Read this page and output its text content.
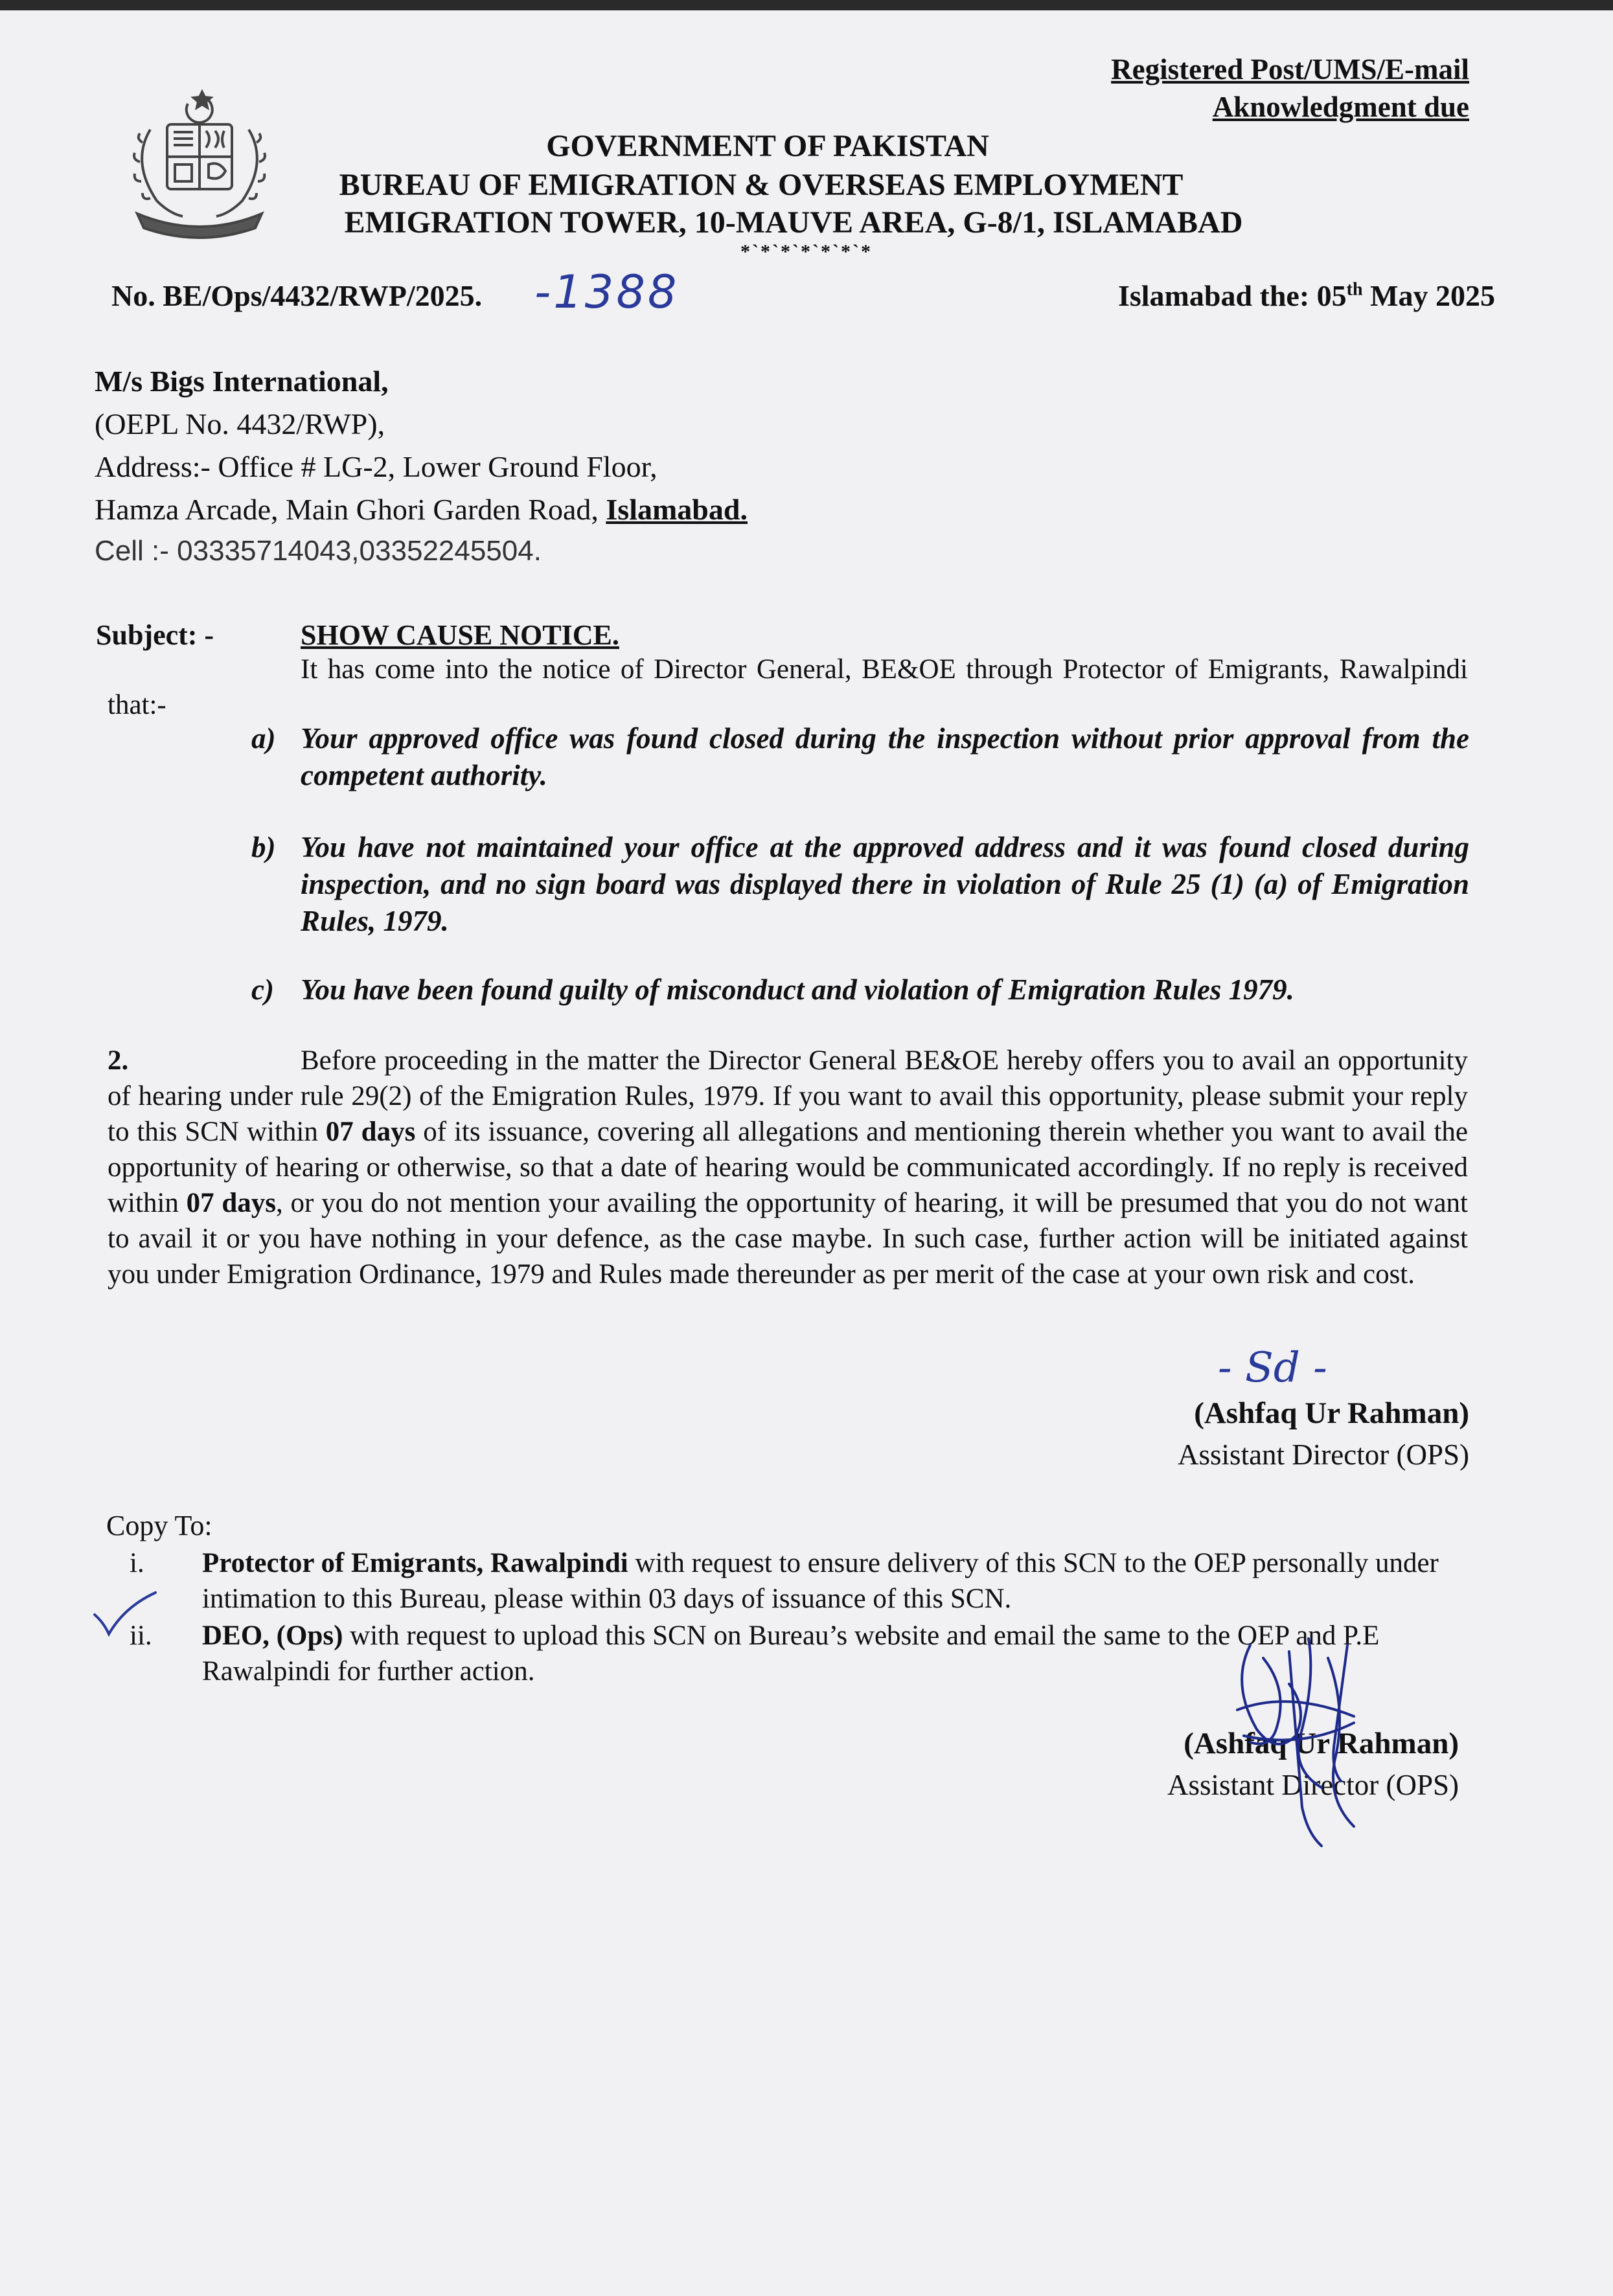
Registered Post/UMS/E-mail
Aknowledgment due
GOVERNMENT OF PAKISTAN
BUREAU OF EMIGRATION & OVERSEAS EMPLOYMENT
EMIGRATION TOWER, 10-MAUVE AREA, G-8/1, ISLAMABAD
*`*`*`*`*`*`*
No. BE/Ops/4432/RWP/2025. -1388	Islamabad the: 05th May 2025
M/s Bigs International,
(OEPL No. 4432/RWP),
Address:- Office # LG-2, Lower Ground Floor,
Hamza Arcade, Main Ghori Garden Road, Islamabad.
Cell :- 03335714043,03352245504.
Subject: -	SHOW CAUSE NOTICE.
It has come into the notice of Director General, BE&OE through Protector of Emigrants, Rawalpindi that:-
a) Your approved office was found closed during the inspection without prior approval from the competent authority.
b) You have not maintained your office at the approved address and it was found closed during inspection, and no sign board was displayed there in violation of Rule 25 (1) (a) of Emigration Rules, 1979.
c) You have been found guilty of misconduct and violation of Emigration Rules 1979.
2.	Before proceeding in the matter the Director General BE&OE hereby offers you to avail an opportunity of hearing under rule 29(2) of the Emigration Rules, 1979. If you want to avail this opportunity, please submit your reply to this SCN within 07 days of its issuance, covering all allegations and mentioning therein whether you want to avail the opportunity of hearing or otherwise, so that a date of hearing would be communicated accordingly. If no reply is received within 07 days, or you do not mention your availing the opportunity of hearing, it will be presumed that you do not want to avail it or you have nothing in your defence, as the case maybe. In such case, further action will be initiated against you under Emigration Ordinance, 1979 and Rules made thereunder as per merit of the case at your own risk and cost.
- Sd -
(Ashfaq Ur Rahman)
Assistant Director (OPS)
Copy To:
i. Protector of Emigrants, Rawalpindi with request to ensure delivery of this SCN to the OEP personally under intimation to this Bureau, please within 03 days of issuance of this SCN.
ii. DEO, (Ops) with request to upload this SCN on Bureau’s website and email the same to the OEP and P.E Rawalpindi for further action.
(Ashfaq Ur Rahman)
Assistant Director (OPS)
